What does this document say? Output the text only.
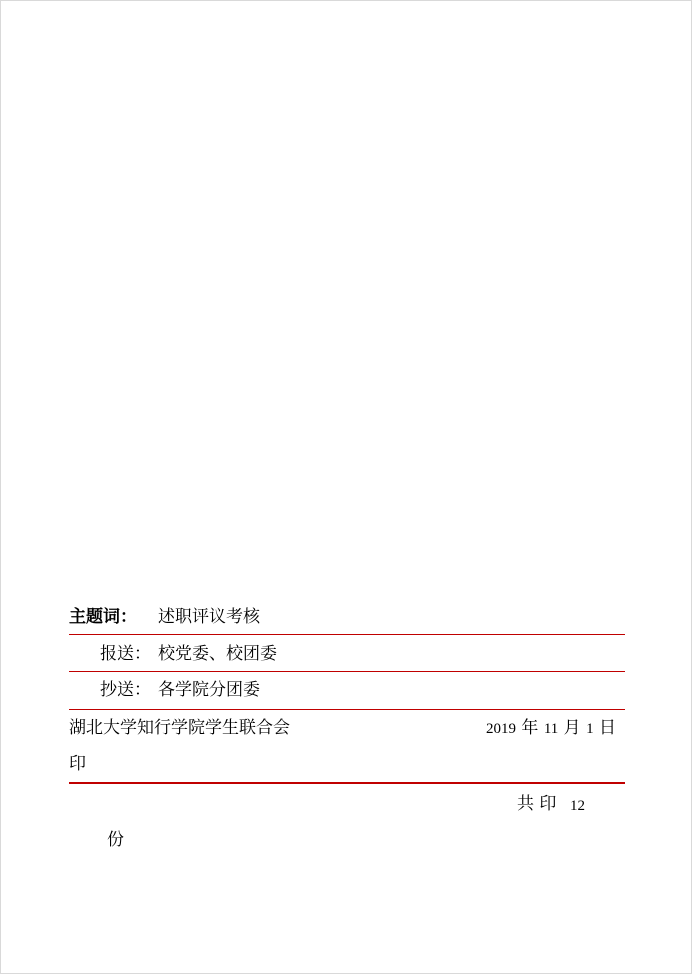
主题词： 述职评议考核
报送： 校党委、校团委
抄送： 各学院分团委
湖北大学知行学院学生联合会
印
2019 年 11 月 1 日
共 印 12
份
